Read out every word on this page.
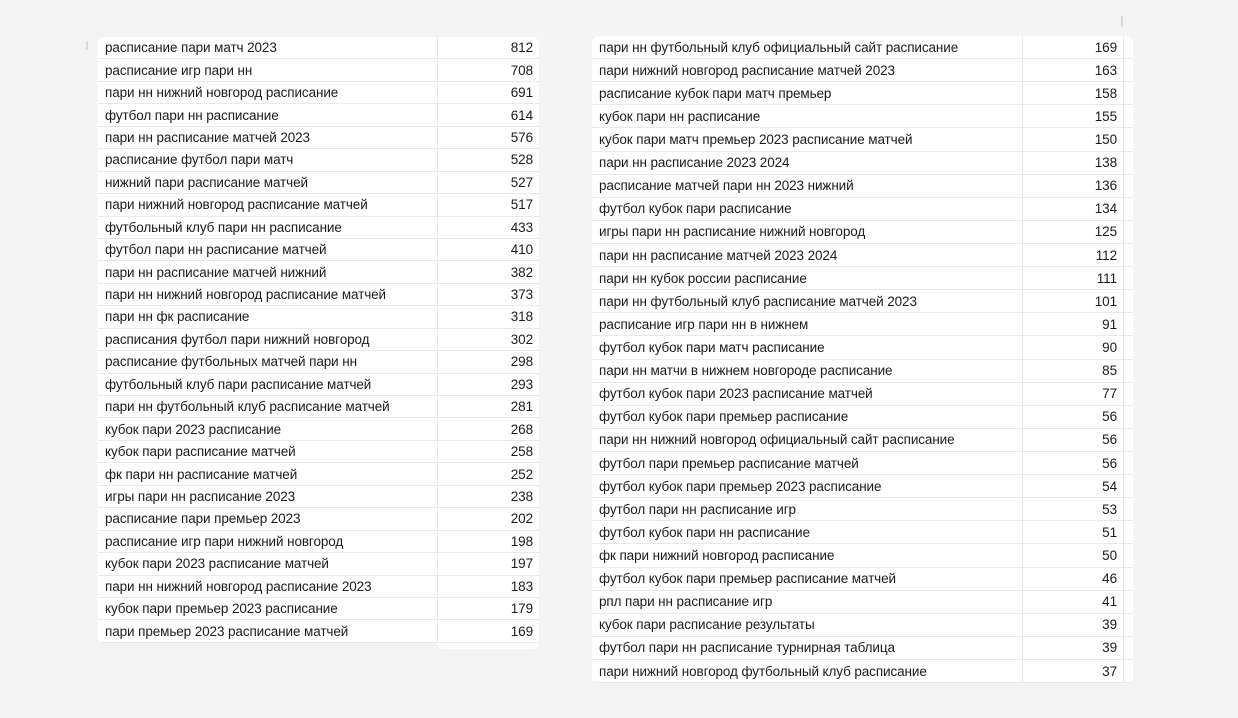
расписание пари матч 2023	812
расписание игр пари нн	708
пари нн нижний новгород расписание	691
футбол пари нн расписание	614
пари нн расписание матчей 2023	576
расписание футбол пари матч	528
нижний пари расписание матчей	527
пари нижний новгород расписание матчей	517
футбольный клуб пари нн расписание	433
футбол пари нн расписание матчей	410
пари нн расписание матчей нижний	382
пари нн нижний новгород расписание матчей	373
пари нн фк расписание	318
расписания футбол пари нижний новгород	302
расписание футбольных матчей пари нн	298
футбольный клуб пари расписание матчей	293
пари нн футбольный клуб расписание матчей	281
кубок пари 2023 расписание	268
кубок пари расписание матчей	258
фк пари нн расписание матчей	252
игры пари нн расписание 2023	238
расписание пари премьер 2023	202
расписание игр пари нижний новгород	198
кубок пари 2023 расписание матчей	197
пари нн нижний новгород расписание 2023	183
кубок пари премьер 2023 расписание	179
пари премьер 2023 расписание матчей	169
пари нн футбольный клуб официальный сайт расписание	169
пари нижний новгород расписание матчей 2023	163
расписание кубок пари матч премьер	158
кубок пари нн расписание	155
кубок пари матч премьер 2023 расписание матчей	150
пари нн расписание 2023 2024	138
расписание матчей пари нн 2023 нижний	136
футбол кубок пари расписание	134
игры пари нн расписание нижний новгород	125
пари нн расписание матчей 2023 2024	112
пари нн кубок россии расписание	111
пари нн футбольный клуб расписание матчей 2023	101
расписание игр пари нн в нижнем	91
футбол кубок пари матч расписание	90
пари нн матчи в нижнем новгороде расписание	85
футбол кубок пари 2023 расписание матчей	77
футбол кубок пари премьер расписание	56
пари нн нижний новгород официальный сайт расписание	56
футбол пари премьер расписание матчей	56
футбол кубок пари премьер 2023 расписание	54
футбол пари нн расписание игр	53
футбол кубок пари нн расписание	51
фк пари нижний новгород расписание	50
футбол кубок пари премьер расписание матчей	46
рпл пари нн расписание игр	41
кубок пари расписание результаты	39
футбол пари нн расписание турнирная таблица	39
пари нижний новгород футбольный клуб расписание	37
